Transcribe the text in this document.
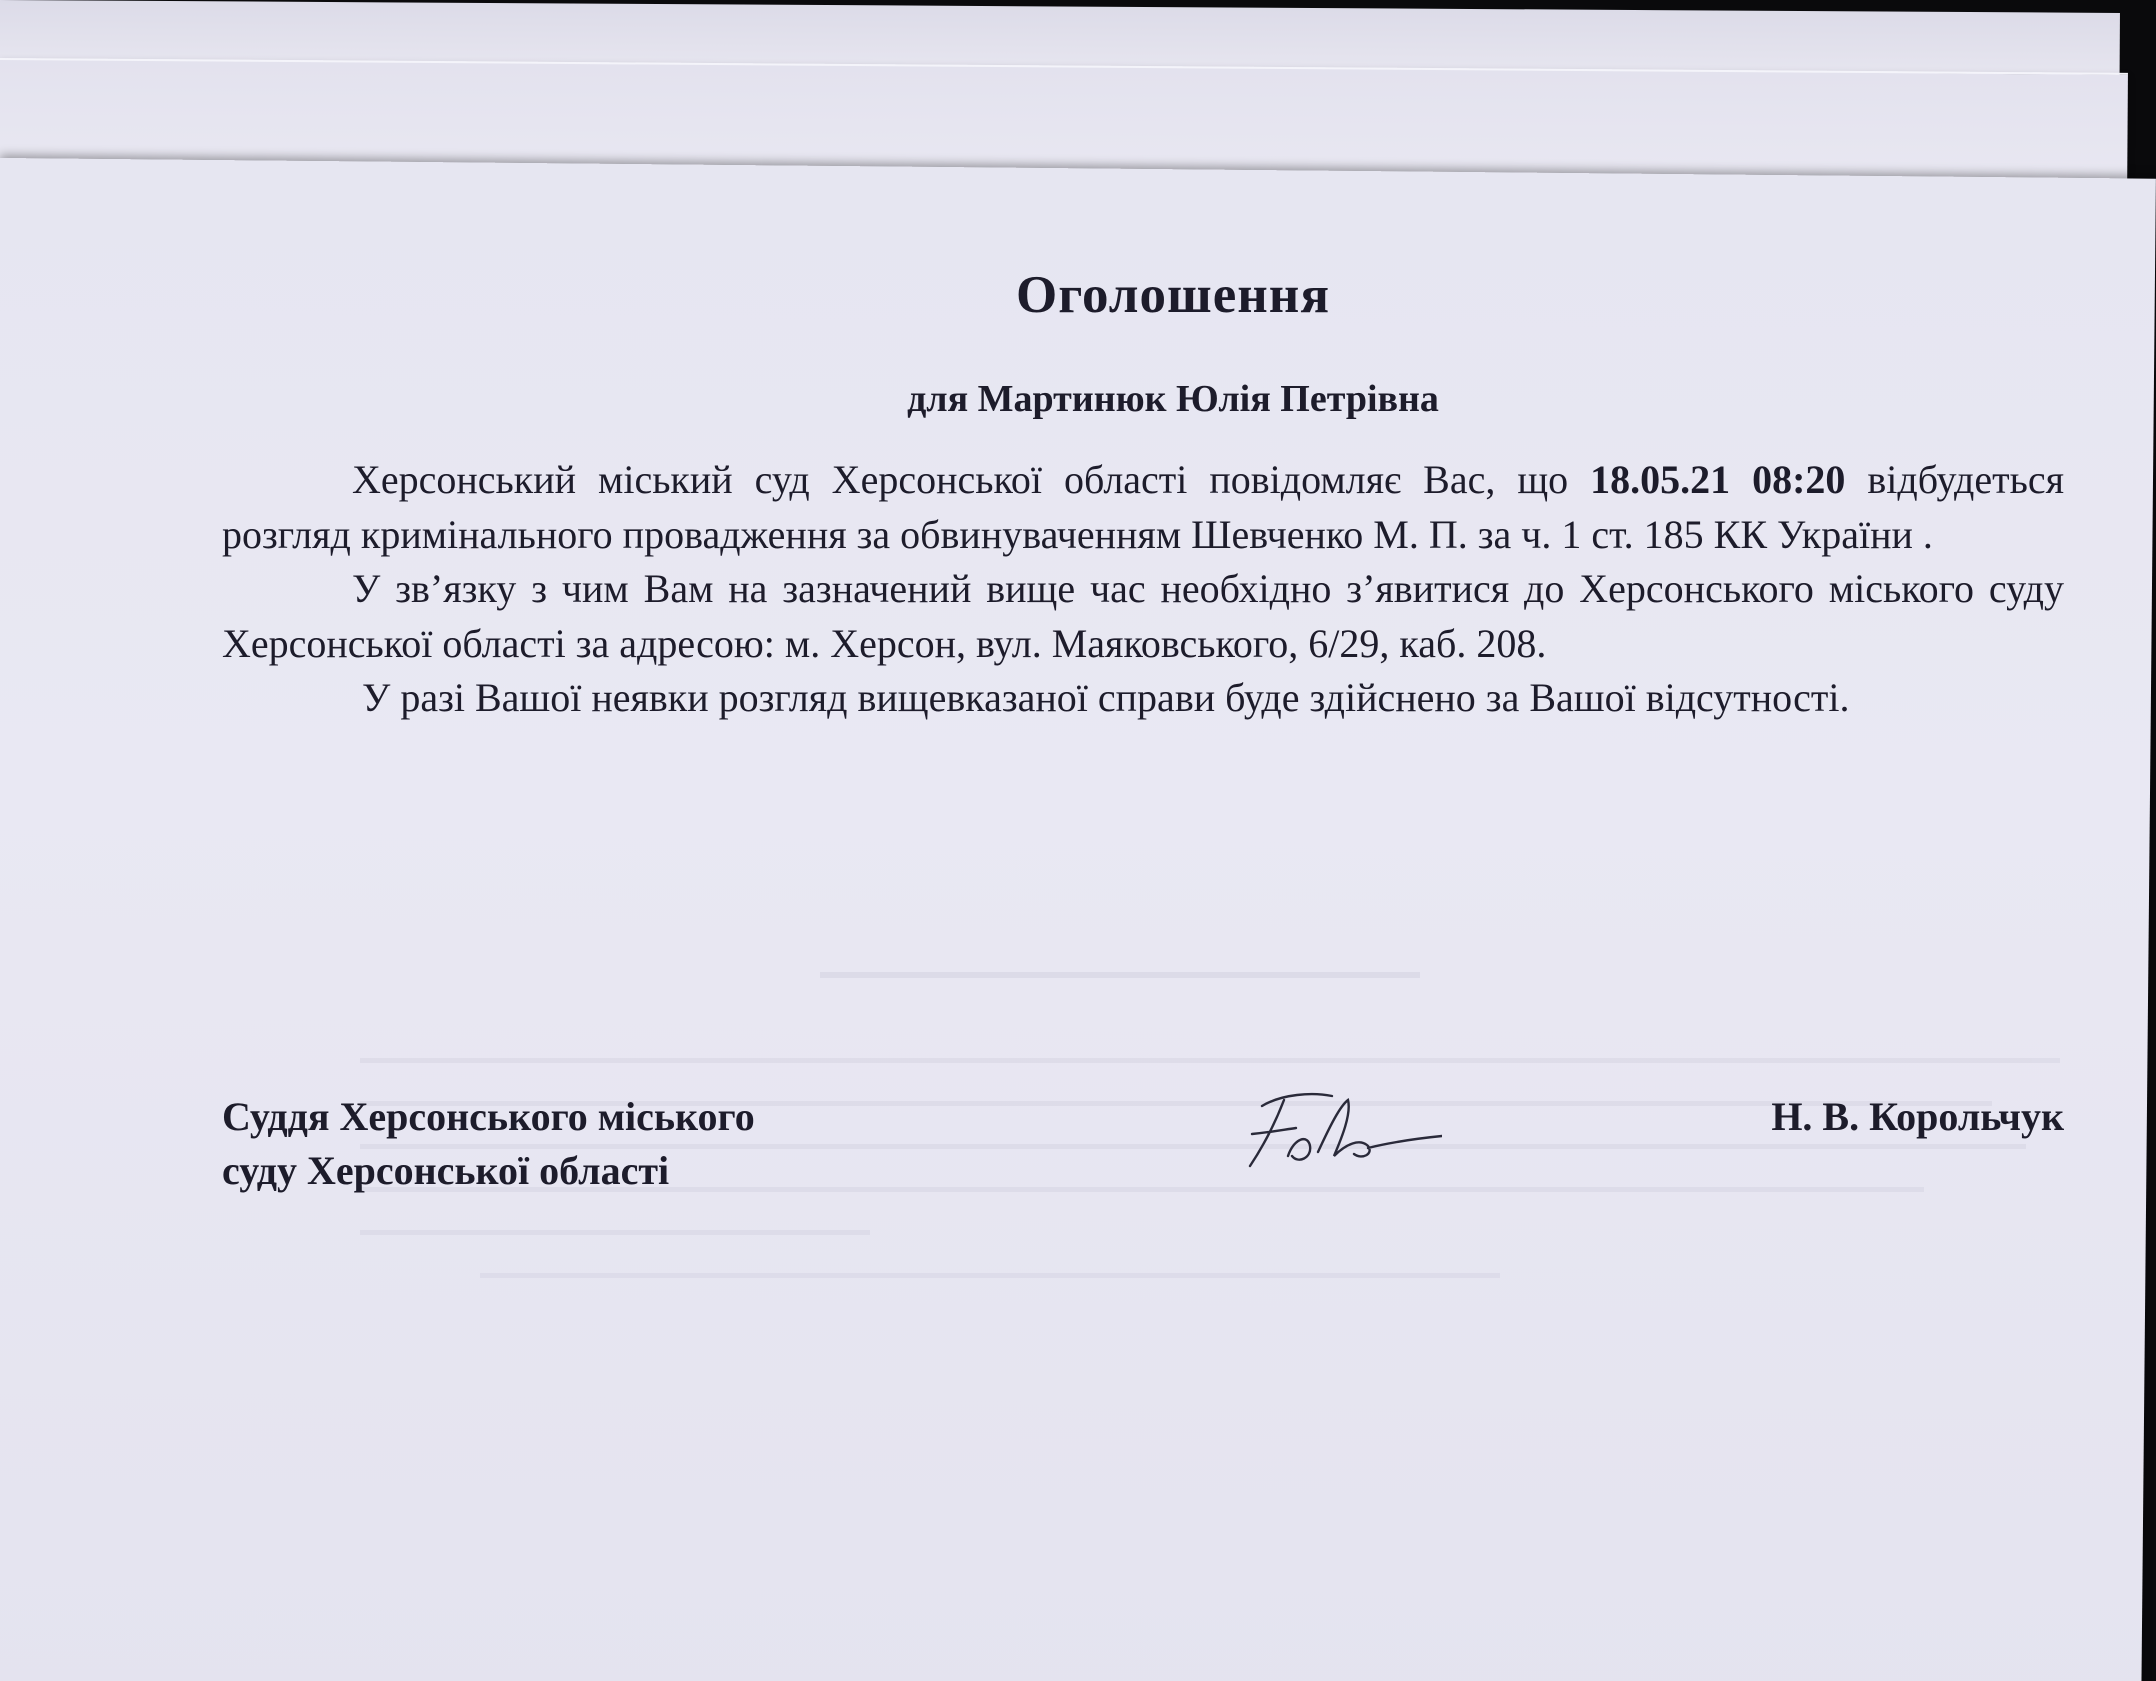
Оголошення
для Мартинюк Юлія Петрівна

Херсонський міський суд Херсонської області повідомляє Вас, що 18.05.21 08:20 відбудеться розгляд кримінального провадження за обвинуваченням Шевченко М. П. за ч. 1 ст. 185 КК України .

У зв’язку з чим Вам на зазначений вище час необхідно з’явитися до Херсонського міського суду Херсонської області за адресою: м. Херсон, вул. Маяковського, 6/29, каб. 208.

У разі Вашої неявки розгляд вищевказаної справи буде здійснено за Вашої відсутності.

Суддя Херсонського міського
суду Херсонської області
Н. В. Корольчук
